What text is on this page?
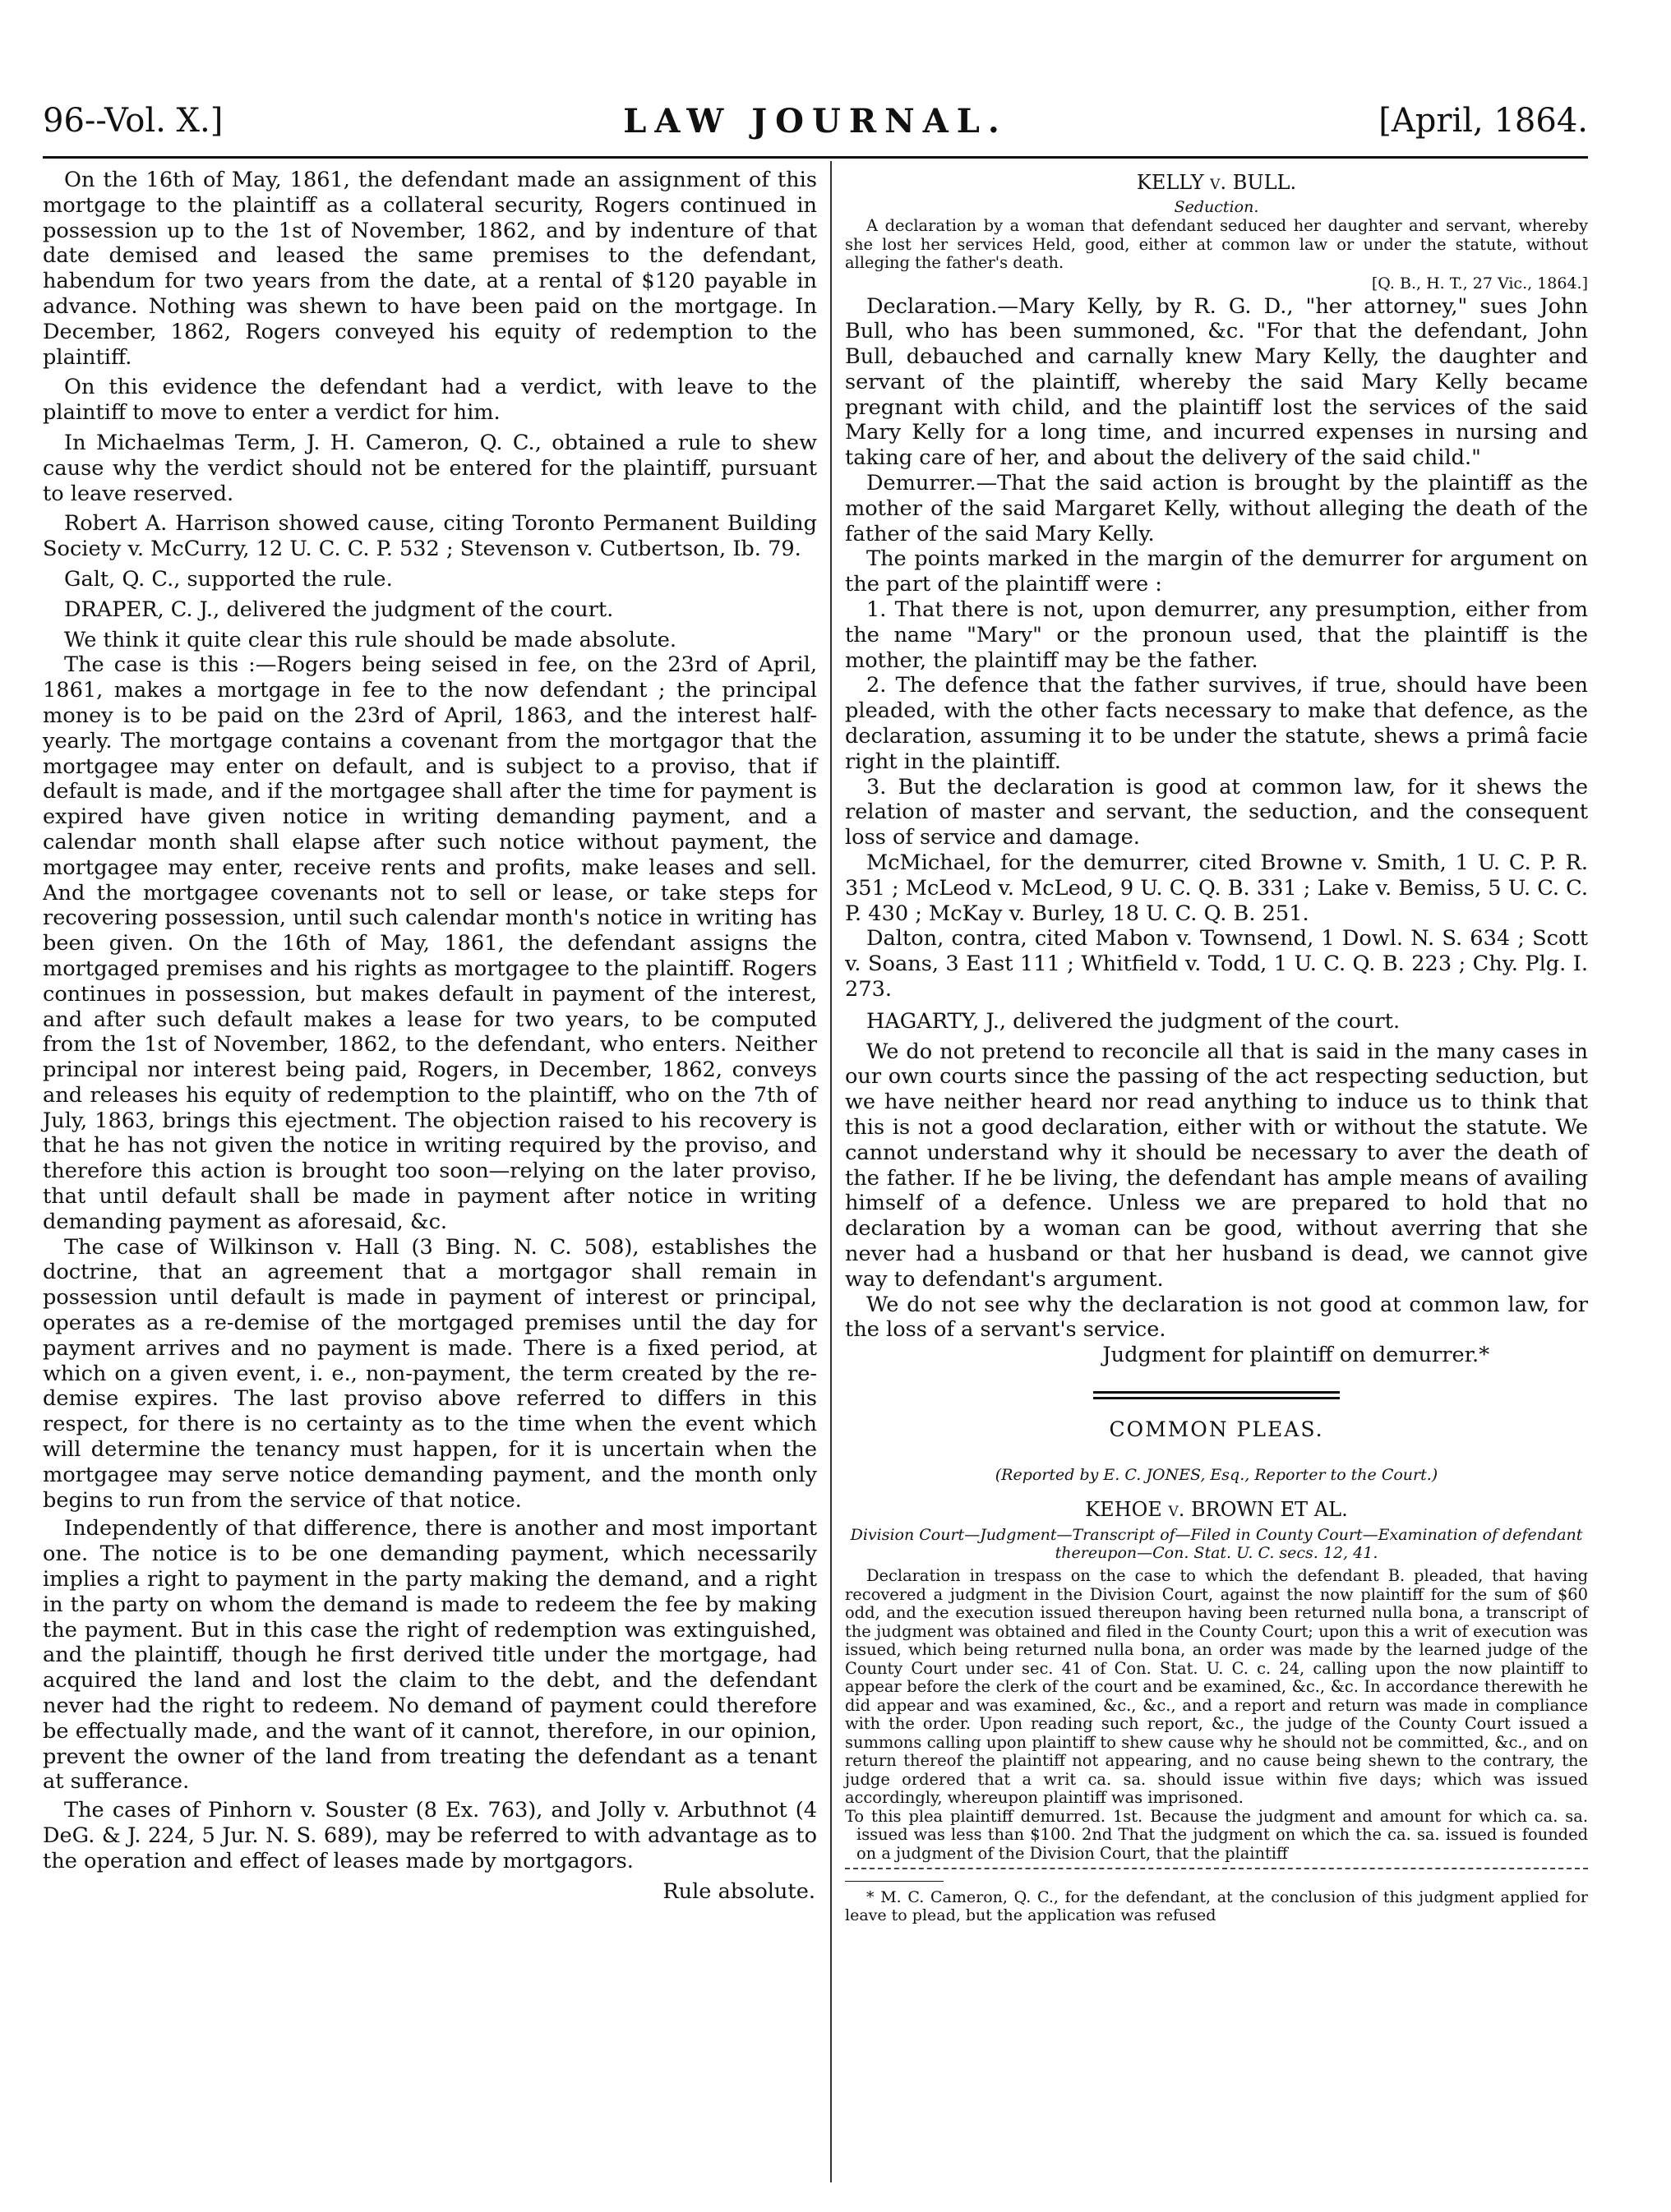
96--Vol. X.]	LAW JOURNAL.	[April, 1864.

On the 16th of May, 1861, the defendant made an assignment of this mortgage to the plaintiff as a collateral security, Rogers continued in possession up to the 1st of November, 1862, and by indenture of that date demised and leased the same premises to the defendant, habendum for two years from the date, at a rental of $120 payable in advance. Nothing was shewn to have been paid on the mortgage. In December, 1862, Rogers conveyed his equity of redemption to the plaintiff.

On this evidence the defendant had a verdict, with leave to the plaintiff to move to enter a verdict for him.

In Michaelmas Term, J. H. Cameron, Q. C., obtained a rule to shew cause why the verdict should not be entered for the plaintiff, pursuant to leave reserved.

Robert A. Harrison showed cause, citing Toronto Permanent Building Society v. McCurry, 12 U. C. C. P. 532 ; Stevenson v. Cutbertson, Ib. 79.

Galt, Q. C., supported the rule.

DRAPER, C. J., delivered the judgment of the court.

We think it quite clear this rule should be made absolute.

The case is this :—Rogers being seised in fee, on the 23rd of April, 1861, makes a mortgage in fee to the now defendant ; the principal money is to be paid on the 23rd of April, 1863, and the interest half-yearly. The mortgage contains a covenant from the mortgagor that the mortgagee may enter on default, and is subject to a proviso, that if default is made, and if the mortgagee shall after the time for payment is expired have given notice in writing demanding payment, and a calendar month shall elapse after such notice without payment, the mortgagee may enter, receive rents and profits, make leases and sell. And the mortgagee covenants not to sell or lease, or take steps for recovering possession, until such calendar month's notice in writing has been given. On the 16th of May, 1861, the defendant assigns the mortgaged premises and his rights as mortgagee to the plaintiff. Rogers continues in possession, but makes default in payment of the interest, and after such default makes a lease for two years, to be computed from the 1st of November, 1862, to the defendant, who enters. Neither principal nor interest being paid, Rogers, in December, 1862, conveys and releases his equity of redemption to the plaintiff, who on the 7th of July, 1863, brings this ejectment. The objection raised to his recovery is that he has not given the notice in writing required by the proviso, and therefore this action is brought too soon—relying on the later proviso, that until default shall be made in payment after notice in writing demanding payment as aforesaid, &c.

The case of Wilkinson v. Hall (3 Bing. N. C. 508), establishes the doctrine, that an agreement that a mortgagor shall remain in possession until default is made in payment of interest or principal, operates as a re-demise of the mortgaged premises until the day for payment arrives and no payment is made. There is a fixed period, at which on a given event, i. e., non-payment, the term created by the re-demise expires. The last proviso above referred to differs in this respect, for there is no certainty as to the time when the event which will determine the tenancy must happen, for it is uncertain when the mortgagee may serve notice demanding payment, and the month only begins to run from the service of that notice.

Independently of that difference, there is another and most important one. The notice is to be one demanding payment, which necessarily implies a right to payment in the party making the demand, and a right in the party on whom the demand is made to redeem the fee by making the payment. But in this case the right of redemption was extinguished, and the plaintiff, though he first derived title under the mortgage, had acquired the land and lost the claim to the debt, and the defendant never had the right to redeem. No demand of payment could therefore be effectually made, and the want of it cannot, therefore, in our opinion, prevent the owner of the land from treating the defendant as a tenant at sufferance.

The cases of Pinhorn v. Souster (8 Ex. 763), and Jolly v. Arbuthnot (4 DeG. & J. 224, 5 Jur. N. S. 689), may be referred to with advantage as to the operation and effect of leases made by mortgagors.

Rule absolute.
KELLY v. BULL.
Seduction.

A declaration by a woman that defendant seduced her daughter and servant, whereby she lost her services Held, good, either at common law or under the statute, without alleging the father's death.

[Q. B., H. T., 27 Vic., 1864.]

Declaration.—Mary Kelly, by R. G. D., "her attorney," sues John Bull, who has been summoned, &c. "For that the defendant, John Bull, debauched and carnally knew Mary Kelly, the daughter and servant of the plaintiff, whereby the said Mary Kelly became pregnant with child, and the plaintiff lost the services of the said Mary Kelly for a long time, and incurred expenses in nursing and taking care of her, and about the delivery of the said child."

Demurrer.—That the said action is brought by the plaintiff as the mother of the said Margaret Kelly, without alleging the death of the father of the said Mary Kelly.

The points marked in the margin of the demurrer for argument on the part of the plaintiff were :

1. That there is not, upon demurrer, any presumption, either from the name "Mary" or the pronoun used, that the plaintiff is the mother, the plaintiff may be the father.

2. The defence that the father survives, if true, should have been pleaded, with the other facts necessary to make that defence, as the declaration, assuming it to be under the statute, shews a primâ facie right in the plaintiff.

3. But the declaration is good at common law, for it shews the relation of master and servant, the seduction, and the consequent loss of service and damage.

McMichael, for the demurrer, cited Browne v. Smith, 1 U. C. P. R. 351 ; McLeod v. McLeod, 9 U. C. Q. B. 331 ; Lake v. Bemiss, 5 U. C. C. P. 430 ; McKay v. Burley, 18 U. C. Q. B. 251.

Dalton, contra, cited Mabon v. Townsend, 1 Dowl. N. S. 634 ; Scott v. Soans, 3 East 111 ; Whitfield v. Todd, 1 U. C. Q. B. 223 ; Chy. Plg. I. 273.

HAGARTY, J., delivered the judgment of the court.

We do not pretend to reconcile all that is said in the many cases in our own courts since the passing of the act respecting seduction, but we have neither heard nor read anything to induce us to think that this is not a good declaration, either with or without the statute. We cannot understand why it should be necessary to aver the death of the father. If he be living, the defendant has ample means of availing himself of a defence. Unless we are prepared to hold that no declaration by a woman can be good, without averring that she never had a husband or that her husband is dead, we cannot give way to defendant's argument.

We do not see why the declaration is not good at common law, for the loss of a servant's service.

Judgment for plaintiff on demurrer.*
COMMON PLEAS.
(Reported by E. C. JONES, Esq., Reporter to the Court.)
KEHOE v. BROWN ET AL.
Division Court—Judgment—Transcript of—Filed in County Court—Examination of defendant thereupon—Con. Stat. U. C. secs. 12, 41.

Declaration in trespass on the case to which the defendant B. pleaded, that having recovered a judgment in the Division Court, against the now plaintiff for the sum of $60 odd, and the execution issued thereupon having been returned nulla bona, a transcript of the judgment was obtained and filed in the County Court; upon this a writ of execution was issued, which being returned nulla bona, an order was made by the learned judge of the County Court under sec. 41 of Con. Stat. U. C. c. 24, calling upon the now plaintiff to appear before the clerk of the court and be examined, &c., &c. In accordance therewith he did appear and was examined, &c., &c., and a report and return was made in compliance with the order. Upon reading such report, &c., the judge of the County Court issued a summons calling upon plaintiff to shew cause why he should not be committed, &c., and on return thereof the plaintiff not appearing, and no cause being shewn to the contrary, the judge ordered that a writ ca. sa. should issue within five days; which was issued accordingly, whereupon plaintiff was imprisoned.

To this plea plaintiff demurred. 1st. Because the judgment and amount for which ca. sa. issued was less than $100. 2nd That the judgment on which the ca. sa. issued is founded on a judgment of the Division Court, that the plaintiff

* M. C. Cameron, Q. C., for the defendant, at the conclusion of this judgment applied for leave to plead, but the application was refused
